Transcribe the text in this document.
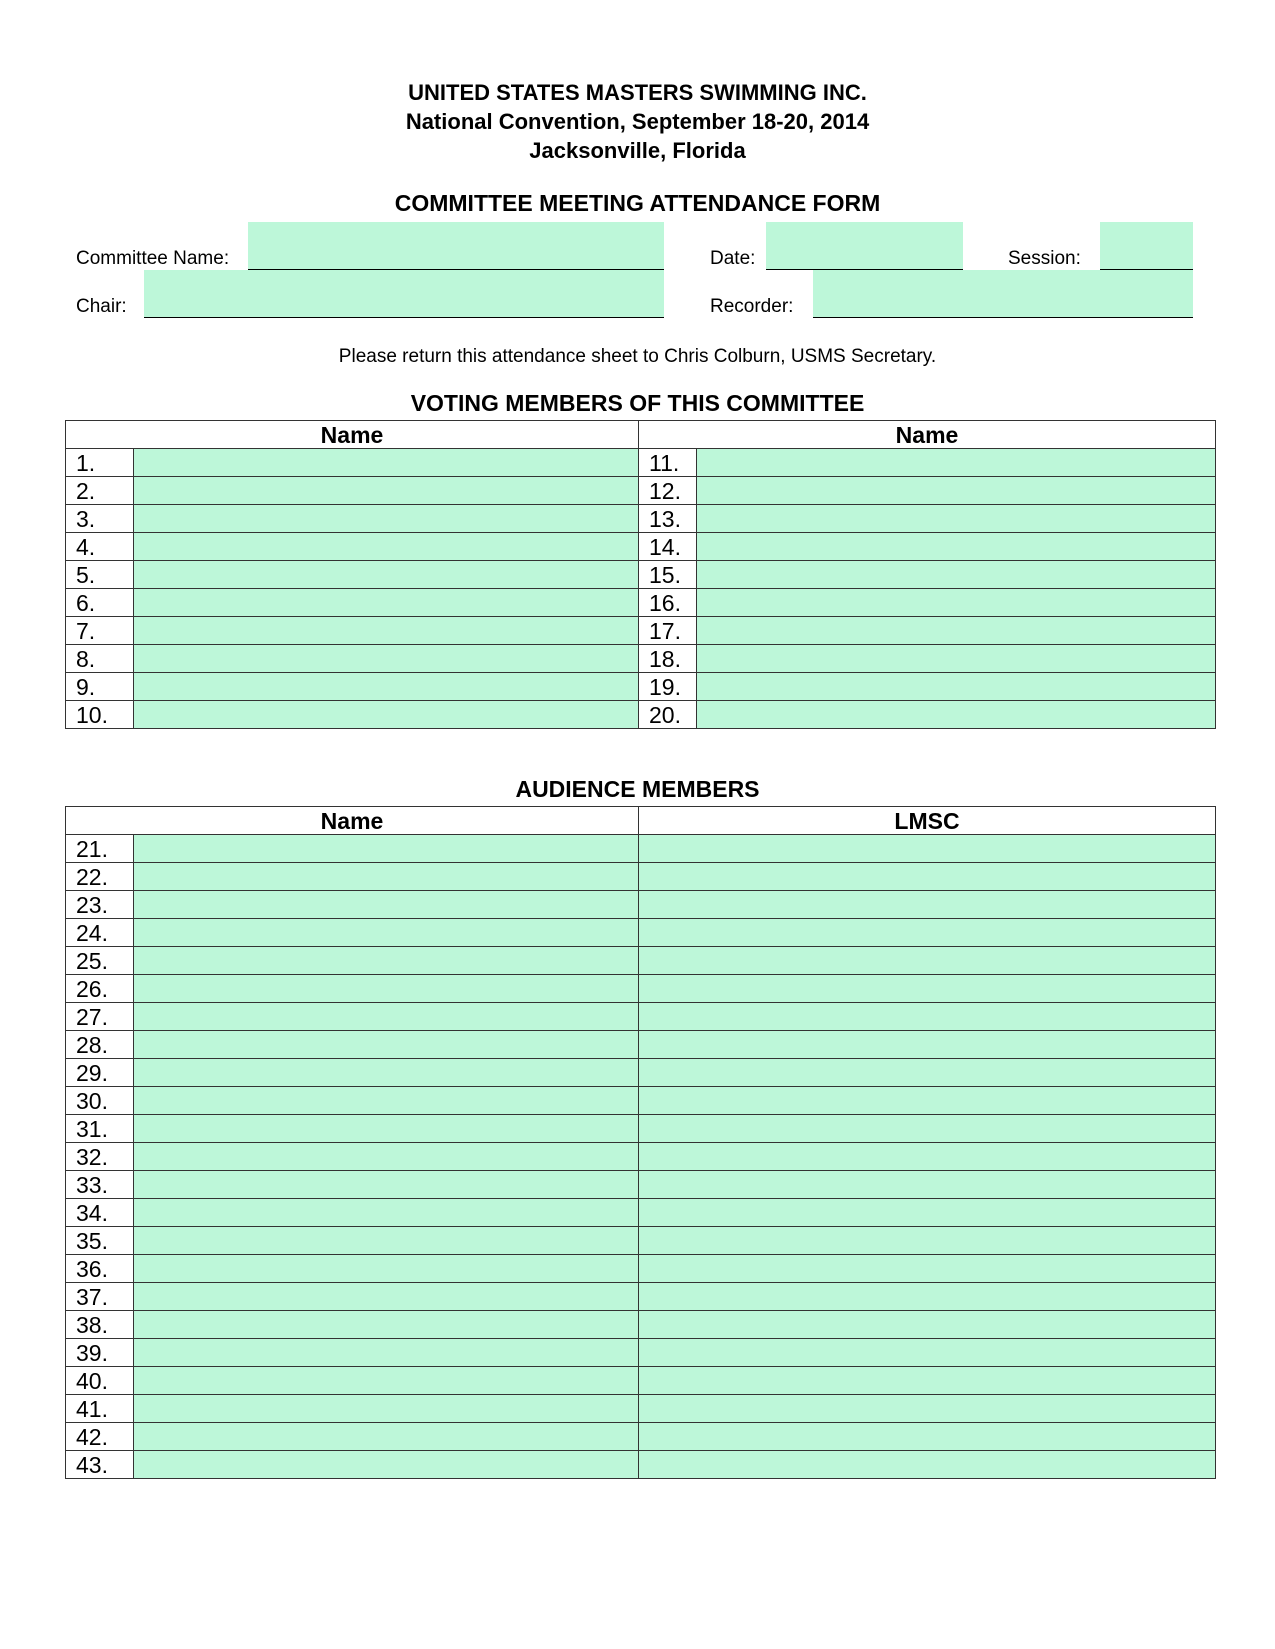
UNITED STATES MASTERS SWIMMING INC.
National Convention, September 18-20, 2014
Jacksonville, Florida
COMMITTEE MEETING ATTENDANCE FORM
Committee Name:	Date:	Session:
Chair:	Recorder:
Please return this attendance sheet to Chris Colburn, USMS Secretary.
VOTING MEMBERS OF THIS COMMITTEE
Name		Name	
1.		11.	
2.		12.	
3.		13.	
4.		14.	
5.		15.	
6.		16.	
7.		17.	
8.		18.	
9.		19.	
10.		20.	
AUDIENCE MEMBERS
Name		LMSC
21.		
22.		
23.		
24.		
25.		
26.		
27.		
28.		
29.		
30.		
31.		
32.		
33.		
34.		
35.		
36.		
37.		
38.		
39.		
40.		
41.		
42.		
43.		
